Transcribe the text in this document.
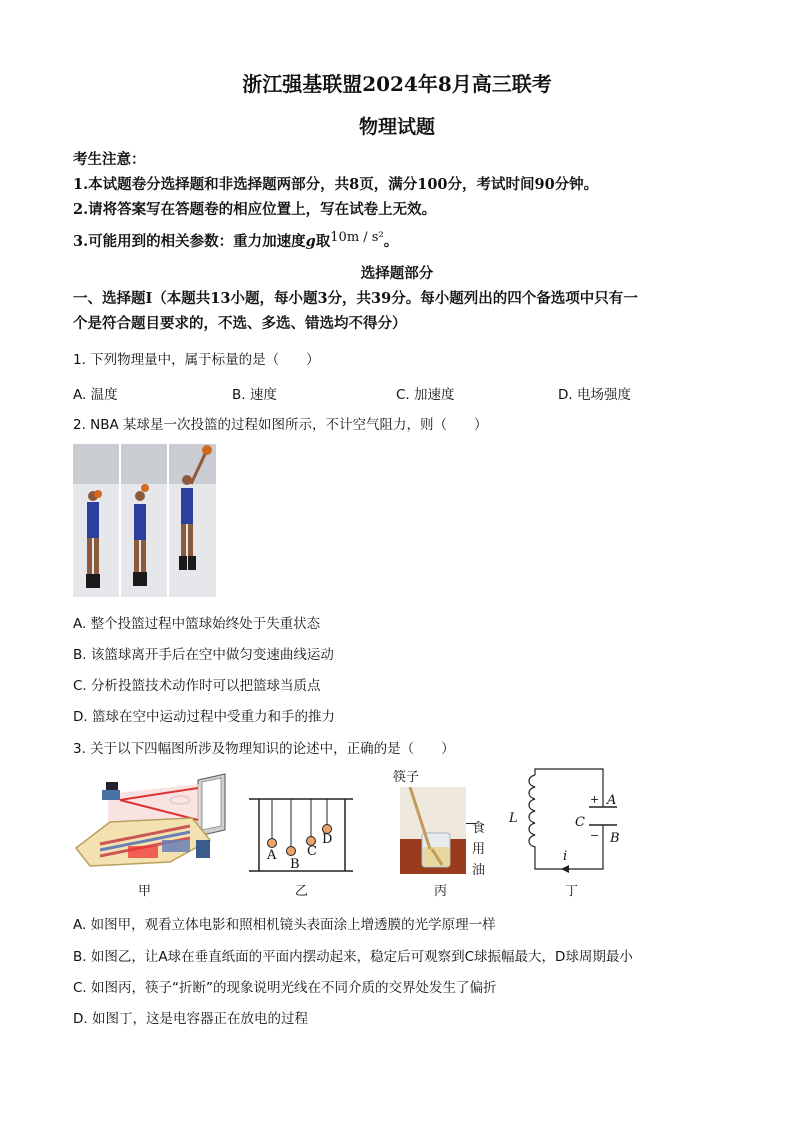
浙江强基联盟2024年8月高三联考
物理试题
考生注意：
1.本试题卷分选择题和非选择题两部分，共8页，满分100分，考试时间90分钟。
2.请将答案写在答题卷的相应位置上，写在试卷上无效。
3.可能用到的相关参数：重力加速度g取10m / s²。
选择题部分
一、选择题Ⅰ（本题共13小题，每小题3分，共39分。每小题列出的四个备选项中只有一
个是符合题目要求的，不选、多选、错选均不得分）
1. 下列物理量中，属于标量的是（　　）
A. 温度	B. 速度	C. 加速度	D. 电场强度
2. NBA 某球星一次投篮的过程如图所示，不计空气阻力，则（　　）
A. 整个投篮过程中篮球始终处于失重状态
B. 该篮球离开手后在空中做匀变速曲线运动
C. 分析投篮技术动作时可以把篮球当质点
D. 篮球在空中运动过程中受重力和手的推力
3. 关于以下四幅图所涉及物理知识的论述中，正确的是（　　）
甲
A
B
C
D
乙
筷子
食
用
油
丙
L	C
+
−
A
B
i
丁
A. 如图甲，观看立体电影和照相机镜头表面涂上增透膜的光学原理一样
B. 如图乙，让A球在垂直纸面的平面内摆动起来，稳定后可观察到C球振幅最大，D球周期最小
C. 如图丙，筷子“折断”的现象说明光线在不同介质的交界处发生了偏折
D. 如图丁，这是电容器正在放电的过程
